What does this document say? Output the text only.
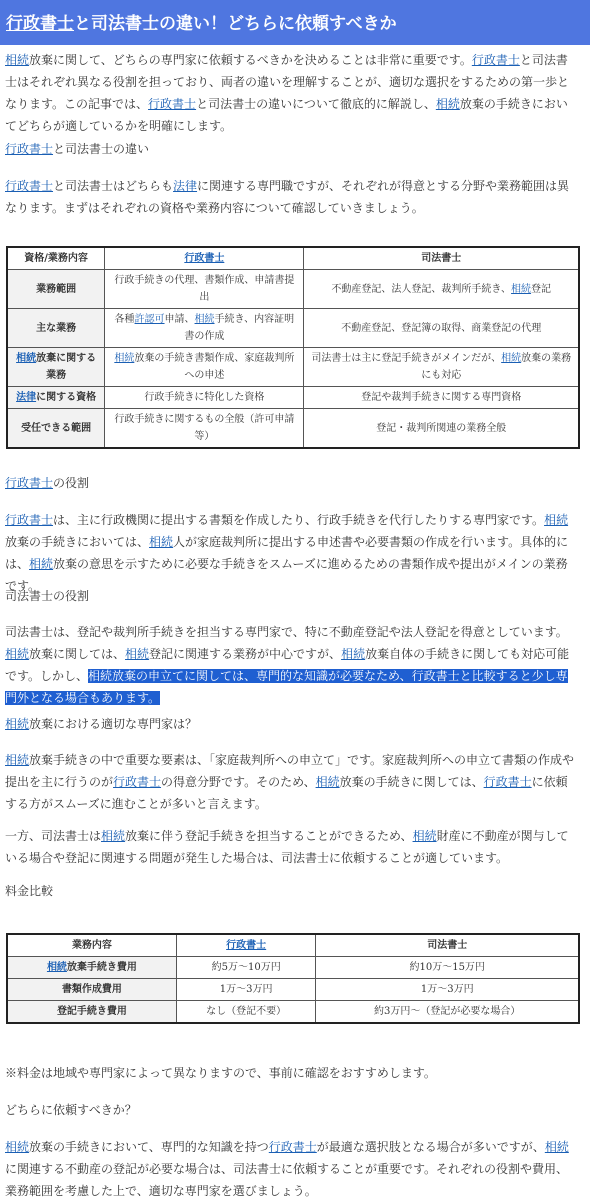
行政書士と司法書士の違い！どちらに依頼すべきか
相続放棄に関して、どちらの専門家に依頼するべきかを決めることは非常に重要です。行政書士と司法書士はそれぞれ異なる役割を担っており、両者の違いを理解することが、適切な選択をするための第一歩となります。この記事では、行政書士と司法書士の違いについて徹底的に解説し、相続放棄の手続きにおいてどちらが適しているかを明確にします。
行政書士と司法書士の違い
行政書士と司法書士はどちらも法律に関連する専門職ですが、それぞれが得意とする分野や業務範囲は異なります。まずはそれぞれの資格や業務内容について確認していきましょう。
資格/業務内容	行政書士	司法書士
業務範囲	行政手続きの代理、書類作成、申請書提出	不動産登記、法人登記、裁判所手続き、相続登記
主な業務	各種許認可申請、相続手続き、内容証明書の作成	不動産登記、登記簿の取得、商業登記の代理
相続放棄に関する業務	相続放棄の手続き書類作成、家庭裁判所への申述	司法書士は主に登記手続きがメインだが、相続放棄の業務にも対応
法律に関する資格	行政手続きに特化した資格	登記や裁判手続きに関する専門資格
受任できる範囲	行政手続きに関するもの全般（許可申請等）	登記・裁判所関連の業務全般
行政書士の役割
行政書士は、主に行政機関に提出する書類を作成したり、行政手続きを代行したりする専門家です。相続放棄の手続きにおいては、相続人が家庭裁判所に提出する申述書や必要書類の作成を行います。具体的には、相続放棄の意思を示すために必要な手続きをスムーズに進めるための書類作成や提出がメインの業務です。
司法書士の役割
司法書士は、登記や裁判所手続きを担当する専門家で、特に不動産登記や法人登記を得意としています。相続放棄に関しては、相続登記に関連する業務が中心ですが、相続放棄自体の手続きに関しても対応可能です。しかし、相続放棄の申立てに関しては、専門的な知識が必要なため、行政書士と比較すると少し専門外となる場合もあります。
相続放棄における適切な専門家は？
相続放棄手続きの中で重要な要素は、「家庭裁判所への申立て」です。家庭裁判所への申立て書類の作成や提出を主に行うのが行政書士の得意分野です。そのため、相続放棄の手続きに関しては、行政書士に依頼する方がスムーズに進むことが多いと言えます。
一方、司法書士は相続放棄に伴う登記手続きを担当することができるため、相続財産に不動産が関与している場合や登記に関連する問題が発生した場合は、司法書士に依頼することが適しています。
料金比較
業務内容	行政書士	司法書士
相続放棄手続き費用	約5万〜10万円	約10万〜15万円
書類作成費用	1万〜3万円	1万〜3万円
登記手続き費用	なし（登記不要）	約3万円〜（登記が必要な場合）
※料金は地域や専門家によって異なりますので、事前に確認をおすすめします。
どちらに依頼すべきか？
相続放棄の手続きにおいて、専門的な知識を持つ行政書士が最適な選択肢となる場合が多いですが、相続に関連する不動産の登記が必要な場合は、司法書士に依頼することが重要です。それぞれの役割や費用、業務範囲を考慮した上で、適切な専門家を選びましょう。
